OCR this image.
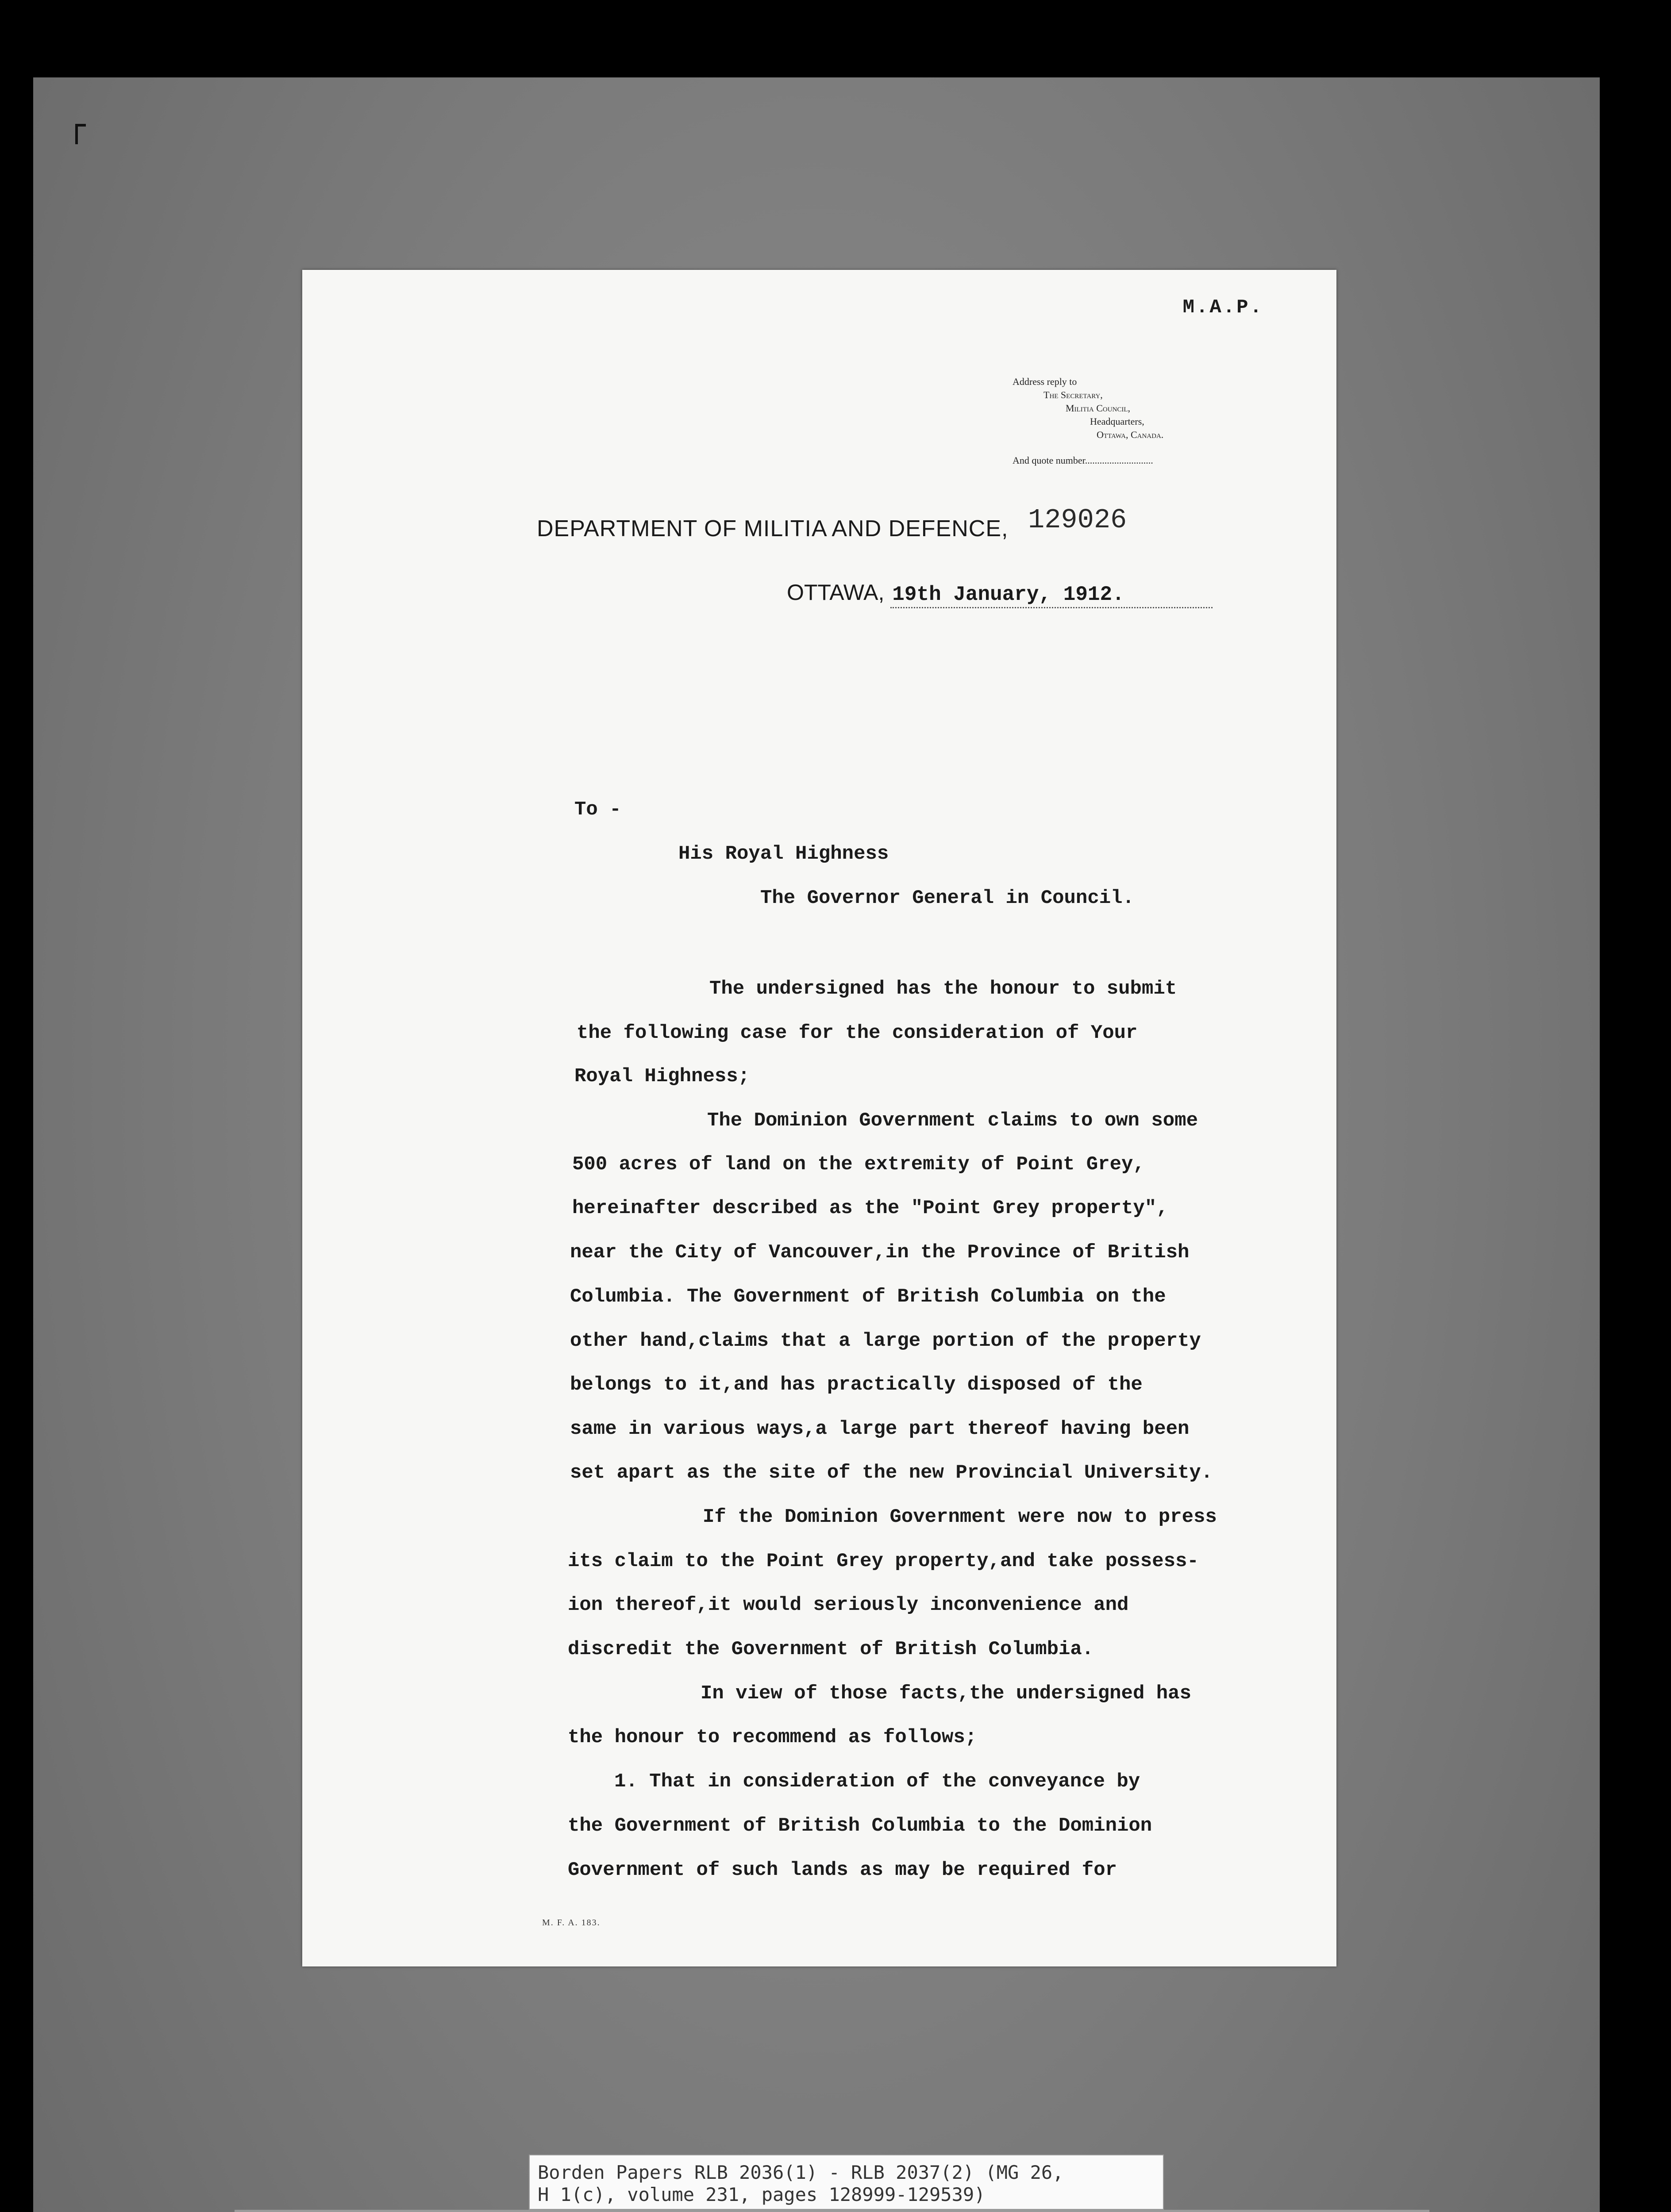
M.A.P.
Address reply to
The Secretary,
Militia Council,
Headquarters,
Ottawa, Canada.
And quote number............................
DEPARTMENT OF MILITIA AND DEFENCE, 129026
OTTAWA, 19th January, 1912.
To -
His Royal Highness
The Governor General in Council.
The undersigned has the honour to submit
the following case for the consideration of Your
Royal Highness;
The Dominion Government claims to own some
500 acres of land on the extremity of Point Grey,
hereinafter described as the "Point Grey property",
near the City of Vancouver,in the Province of British
Columbia. The Government of British Columbia on the
other hand,claims that a large portion of the property
belongs to it,and has practically disposed of the
same in various ways,a large part thereof having been
set apart as the site of the new Provincial University.
If the Dominion Government were now to press
its claim to the Point Grey property,and take possess-
ion thereof,it would seriously inconvenience and
discredit the Government of British Columbia.
In view of those facts,the undersigned has
the honour to recommend as follows;
1. That in consideration of the conveyance by
the Government of British Columbia to the Dominion
Government of such lands as may be required for
M. F. A. 183.
Borden Papers RLB 2036(1) - RLB 2037(2) (MG 26,
H 1(c), volume 231, pages 128999-129539)
